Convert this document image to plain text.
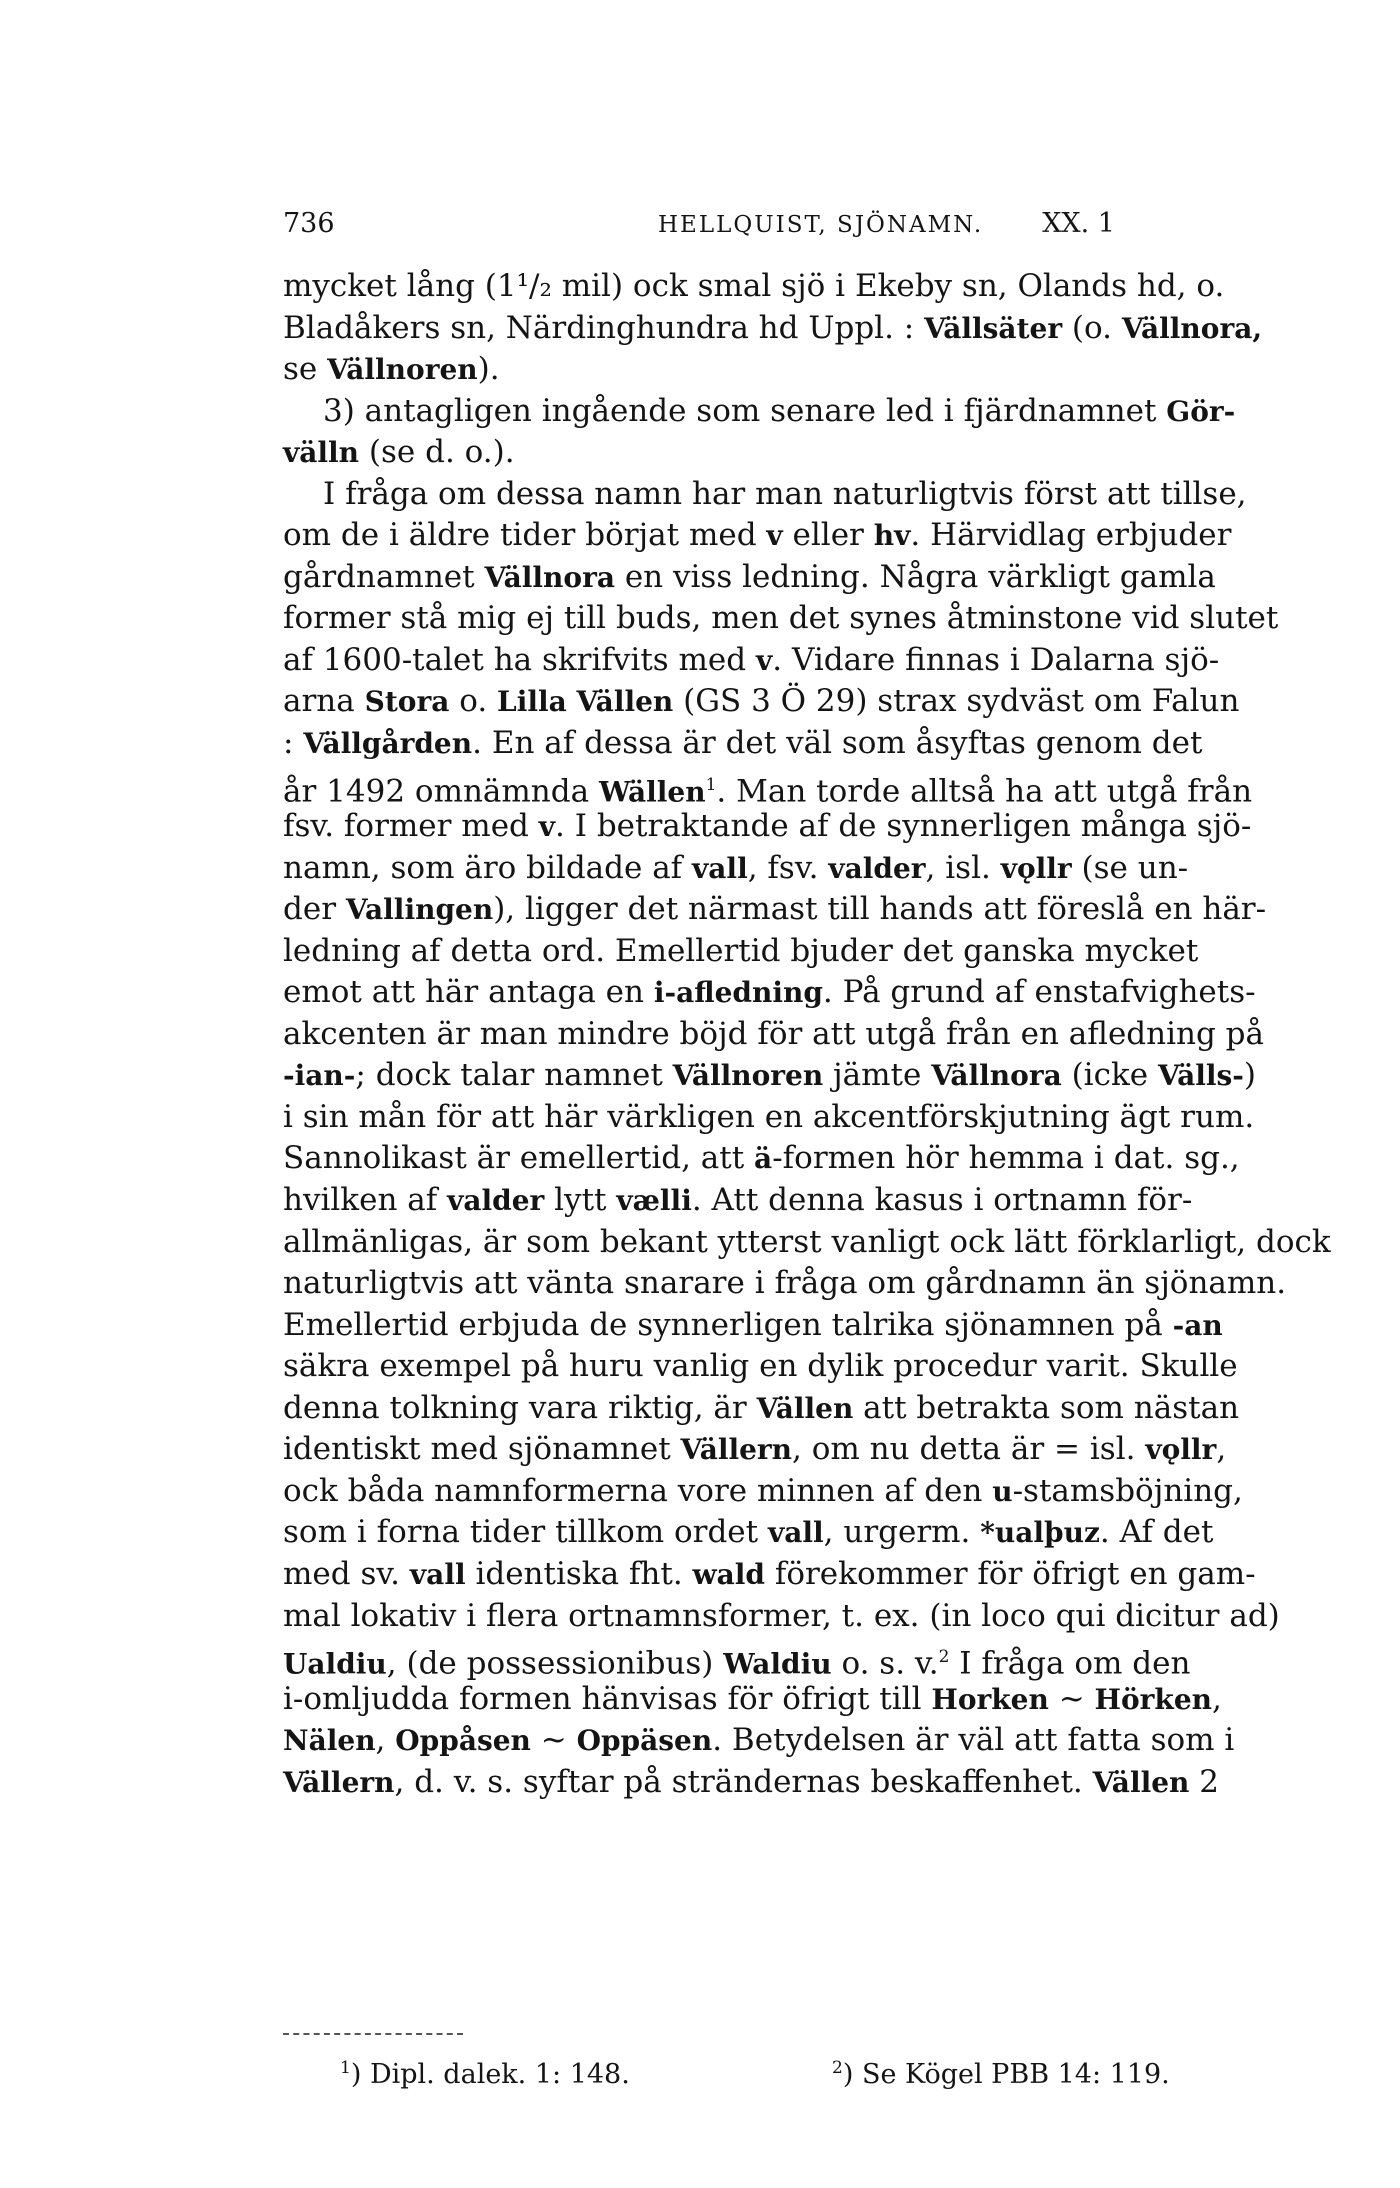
736	HELLQUIST, SJÖNAMN. XX. 1
mycket lång (1¹/₂ mil) ock smal sjö i Ekeby sn, Olands hd, o.
Bladåkers sn, Närdinghundra hd Uppl. : Vällsäter (o. Vällnora,
se Vällnoren).
3) antagligen ingående som senare led i fjärdnamnet Gör-
välln (se d. o.).
I fråga om dessa namn har man naturligtvis först att tillse,
om de i äldre tider börjat med v eller hv. Härvidlag erbjuder
gårdnamnet Vällnora en viss ledning. Några värkligt gamla
former stå mig ej till buds, men det synes åtminstone vid slutet
af 1600-talet ha skrifvits med v. Vidare finnas i Dalarna sjö-
arna Stora o. Lilla Vällen (GS 3 Ö 29) strax sydväst om Falun
: Vällgården. En af dessa är det väl som åsyftas genom det
år 1492 omnämnda Wällen$^1$. Man torde alltså ha att utgå från
fsv. former med v. I betraktande af de synnerligen många sjö-
namn, som äro bildade af vall, fsv. valder, isl. vǫllr (se un-
der Vallingen), ligger det närmast till hands att föreslå en här-
ledning af detta ord. Emellertid bjuder det ganska mycket
emot att här antaga en i-afledning. På grund af enstafvighets-
akcenten är man mindre böjd för att utgå från en afledning på
-ian-; dock talar namnet Vällnoren jämte Vällnora (icke Välls-)
i sin mån för att här värkligen en akcentförskjutning ägt rum.
Sannolikast är emellertid, att ä-formen hör hemma i dat. sg.,
hvilken af valder lytt vælli. Att denna kasus i ortnamn för-
allmänligas, är som bekant ytterst vanligt ock lätt förklarligt, dock
naturligtvis att vänta snarare i fråga om gårdnamn än sjönamn.
Emellertid erbjuda de synnerligen talrika sjönamnen på -an
säkra exempel på huru vanlig en dylik procedur varit. Skulle
denna tolkning vara riktig, är Vällen att betrakta som nästan
identiskt med sjönamnet Vällern, om nu detta är = isl. vǫllr,
ock båda namnformerna vore minnen af den u-stamsböjning,
som i forna tider tillkom ordet vall, urgerm. *ualþuz. Af det
med sv. vall identiska fht. wald förekommer för öfrigt en gam-
mal lokativ i flera ortnamnsformer, t. ex. (in loco qui dicitur ad)
Ualdiu, (de possessionibus) Waldiu o. s. v.$^2$ I fråga om den
i-omljudda formen hänvisas för öfrigt till Horken ~ Hörken,
Nälen, Oppåsen ~ Oppäsen. Betydelsen är väl att fatta som i
Vällern, d. v. s. syftar på strändernas beskaffenhet. Vällen 2
$^1$) Dipl. dalek. 1: 148.	$^2$) Se Kögel PBB 14: 119.
